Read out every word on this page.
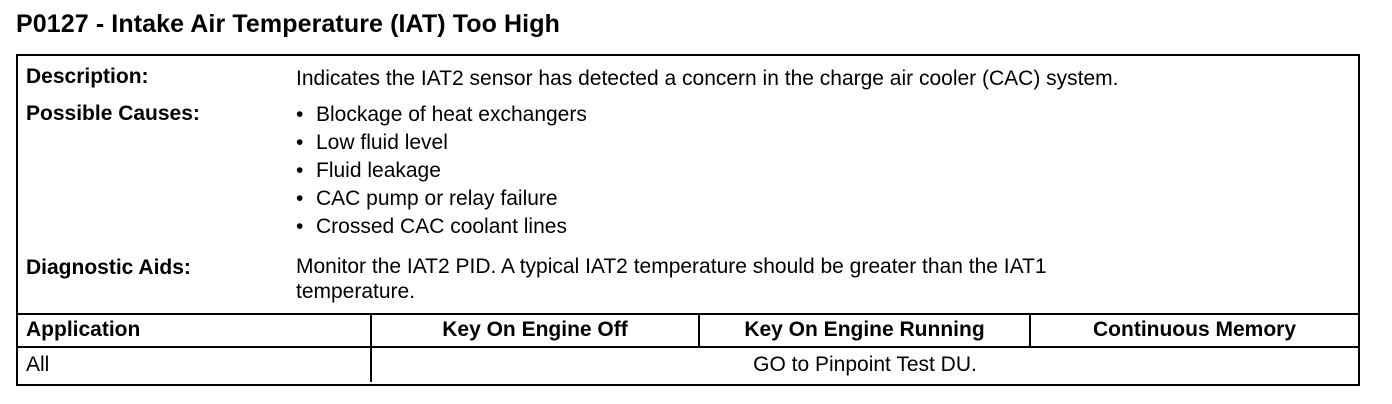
P0127 - Intake Air Temperature (IAT) Too High
Description:	Indicates the IAT2 sensor has detected a concern in the charge air cooler (CAC) system.
Possible Causes:	• Blockage of heat exchangers
• Low fluid level
• Fluid leakage
• CAC pump or relay failure
• Crossed CAC coolant lines
Diagnostic Aids:	Monitor the IAT2 PID. A typical IAT2 temperature should be greater than the IAT1
temperature.
Application	Key On Engine Off	Key On Engine Running	Continuous Memory
All	GO to Pinpoint Test DU.
